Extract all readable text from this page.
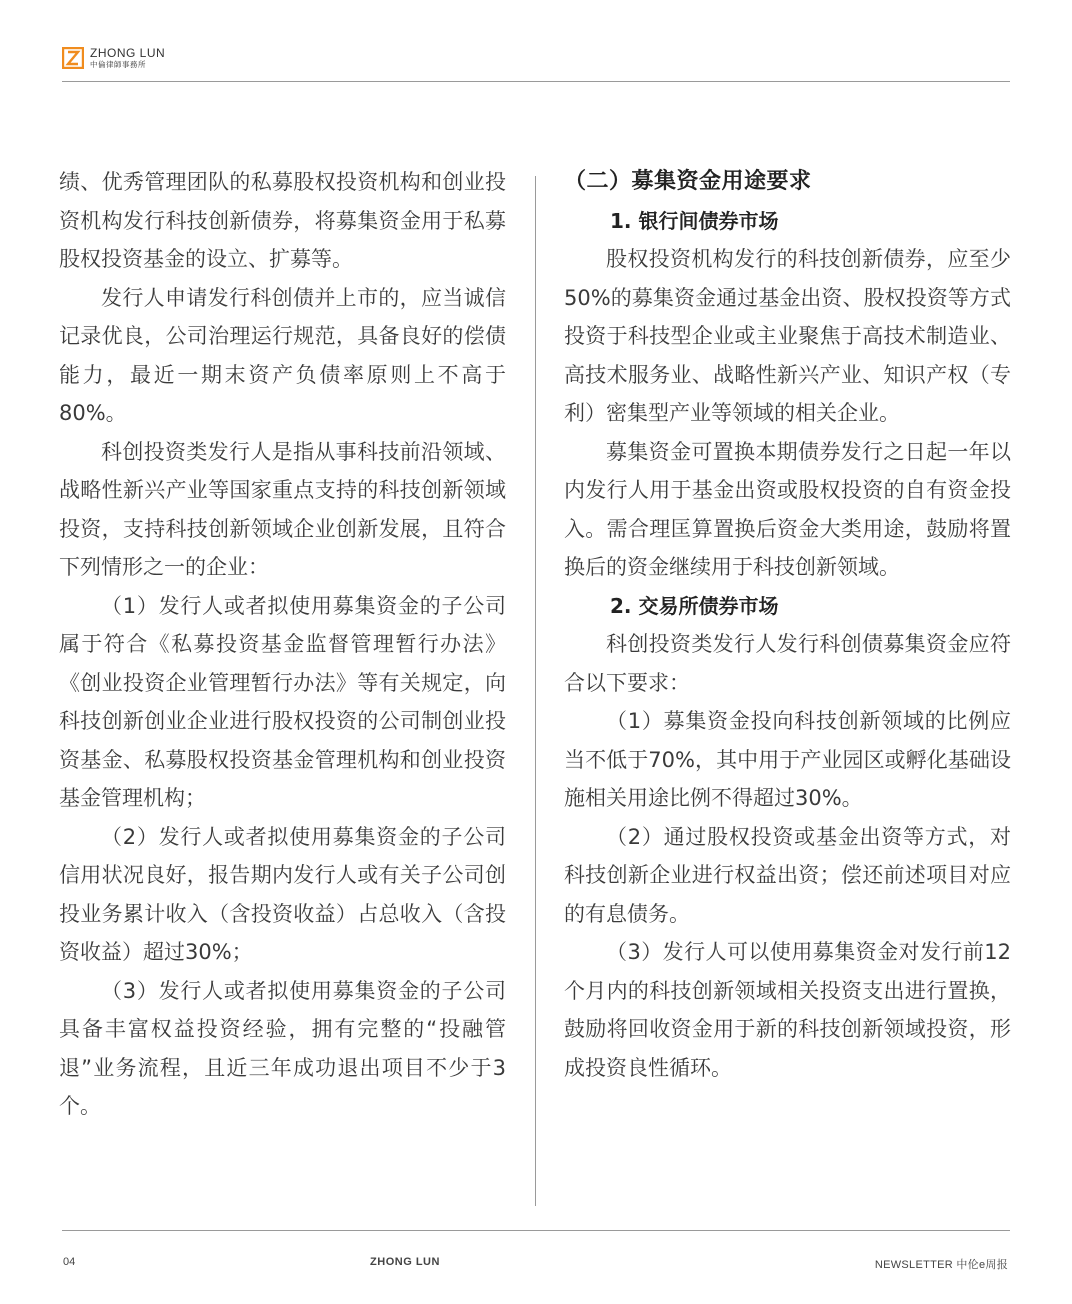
ZHONG LUN
中倫律師事務所

绩、优秀管理团队的私募股权投资机构和创业投资机构发行科技创新债券，将募集资金用于私募股权投资基金的设立、扩募等。

发行人申请发行科创债并上市的，应当诚信记录优良，公司治理运行规范，具备良好的偿债能力，最近一期末资产负债率原则上不高于80%。

科创投资类发行人是指从事科技前沿领域、战略性新兴产业等国家重点支持的科技创新领域投资，支持科技创新领域企业创新发展，且符合下列情形之一的企业：

（1）发行人或者拟使用募集资金的子公司属于符合《私募投资基金监督管理暂行办法》《创业投资企业管理暂行办法》等有关规定，向科技创新创业企业进行股权投资的公司制创业投资基金、私募股权投资基金管理机构和创业投资基金管理机构；

（2）发行人或者拟使用募集资金的子公司信用状况良好，报告期内发行人或有关子公司创投业务累计收入（含投资收益）占总收入（含投资收益）超过30%；

（3）发行人或者拟使用募集资金的子公司具备丰富权益投资经验，拥有完整的“投融管退”业务流程，且近三年成功退出项目不少于3个。

（二）募集资金用途要求
1. 银行间债券市场

股权投资机构发行的科技创新债券，应至少50%的募集资金通过基金出资、股权投资等方式投资于科技型企业或主业聚焦于高技术制造业、高技术服务业、战略性新兴产业、知识产权（专利）密集型产业等领域的相关企业。

募集资金可置换本期债券发行之日起一年以内发行人用于基金出资或股权投资的自有资金投入。需合理匡算置换后资金大类用途，鼓励将置换后的资金继续用于科技创新领域。

2. 交易所债券市场

科创投资类发行人发行科创债募集资金应符合以下要求：

（1）募集资金投向科技创新领域的比例应当不低于70%，其中用于产业园区或孵化基础设施相关用途比例不得超过30%。

（2）通过股权投资或基金出资等方式，对科技创新企业进行权益出资；偿还前述项目对应的有息债务。

（3）发行人可以使用募集资金对发行前12个月内的科技创新领域相关投资支出进行置换，鼓励将回收资金用于新的科技创新领域投资，形成投资良性循环。

04	ZHONG LUN	NEWSLETTER 中伦e周报
